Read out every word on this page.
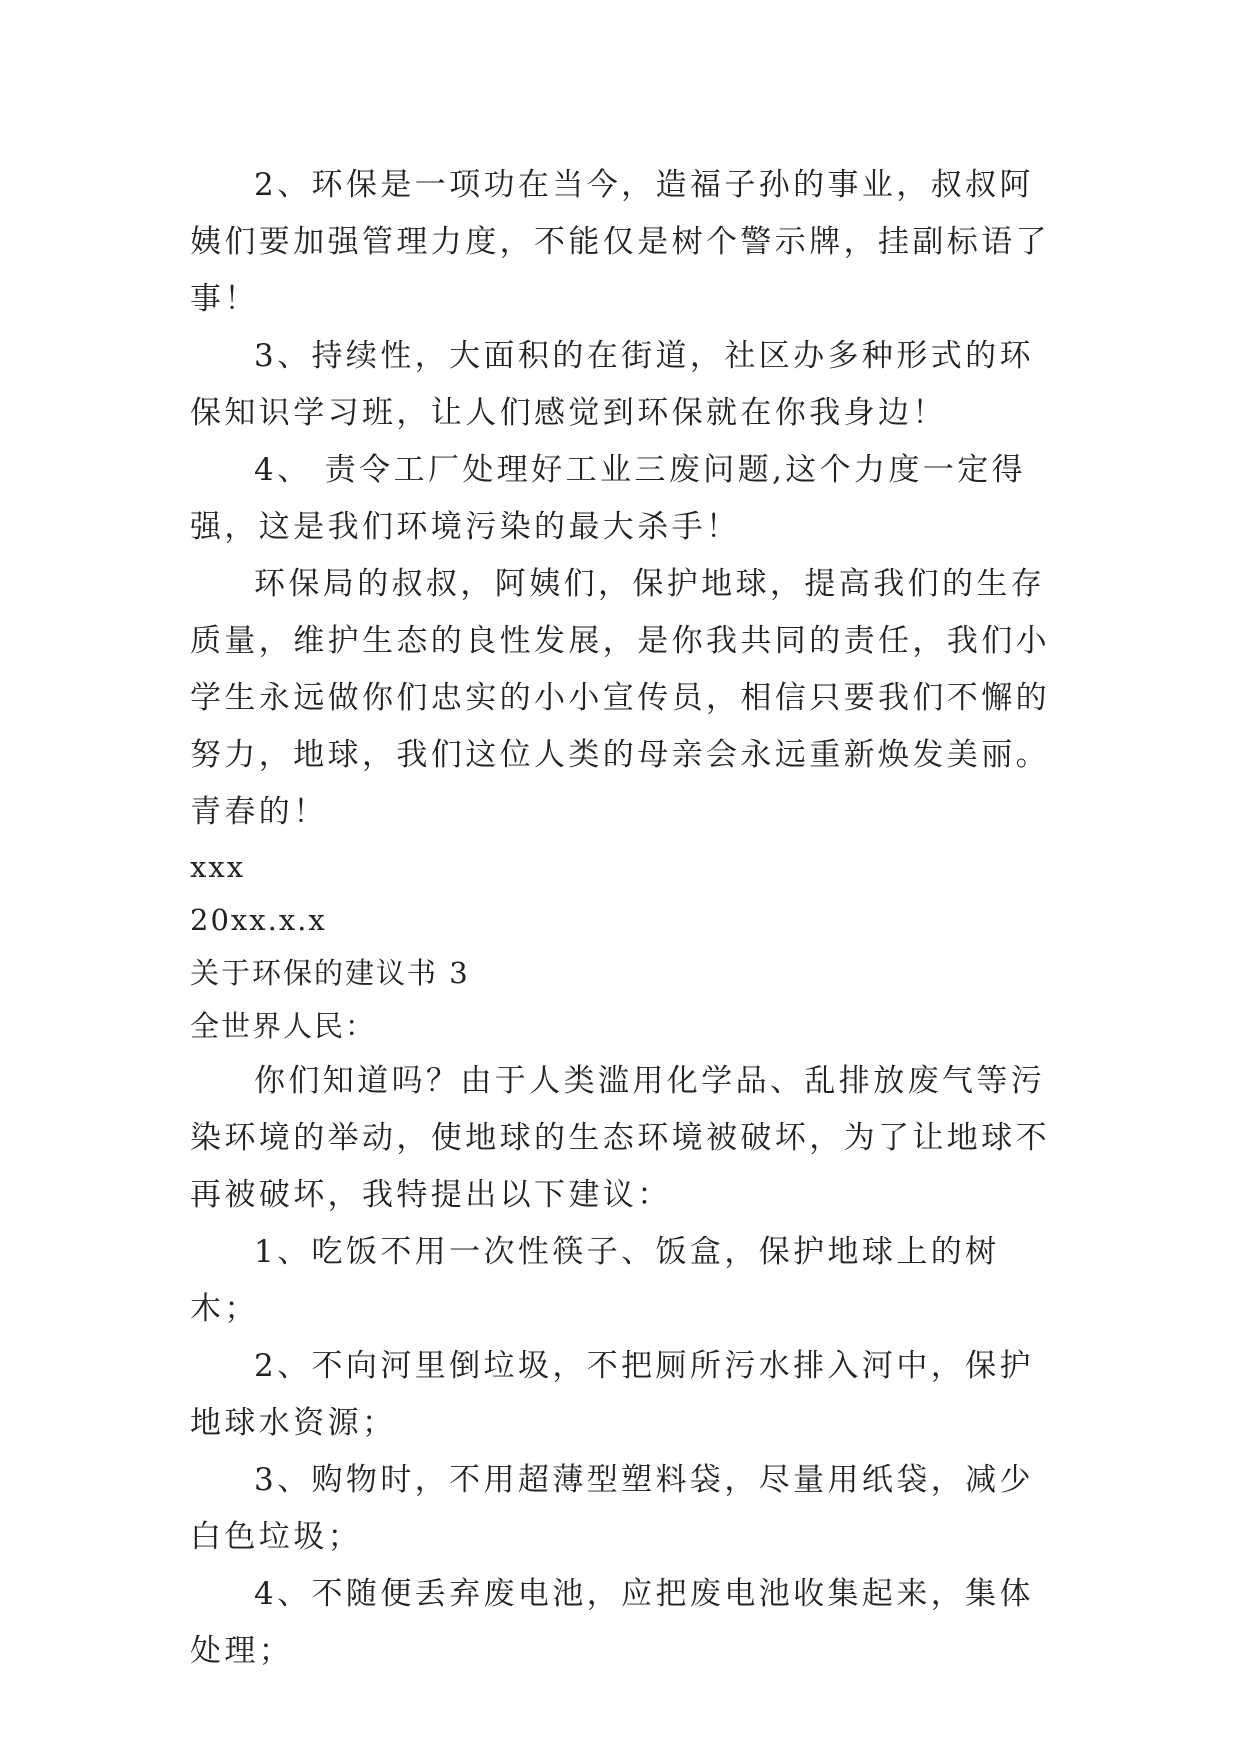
2、环保是一项功在当今，造福子孙的事业，叔叔阿姨们要加强管理力度，不能仅是树个警示牌，挂副标语了事！

3、持续性，大面积的在街道，社区办多种形式的环保知识学习班，让人们感觉到环保就在你我身边！

4、 责令工厂处理好工业三废问题,这个力度一定得强，这是我们环境污染的最大杀手！

环保局的叔叔，阿姨们，保护地球，提高我们的生存质量，维护生态的良性发展，是你我共同的责任，我们小学生永远做你们忠实的小小宣传员，相信只要我们不懈的努力，地球，我们这位人类的母亲会永远重新焕发美丽。青春的！

xxx

20xx.x.x

关于环保的建议书 3

全世界人民：

你们知道吗？由于人类滥用化学品、乱排放废气等污染环境的举动，使地球的生态环境被破坏，为了让地球不再被破坏，我特提出以下建议：

1、吃饭不用一次性筷子、饭盒，保护地球上的树木；

2、不向河里倒垃圾，不把厕所污水排入河中，保护地球水资源；

3、购物时，不用超薄型塑料袋，尽量用纸袋，减少白色垃圾；

4、不随便丢弃废电池，应把废电池收集起来，集体处理；
